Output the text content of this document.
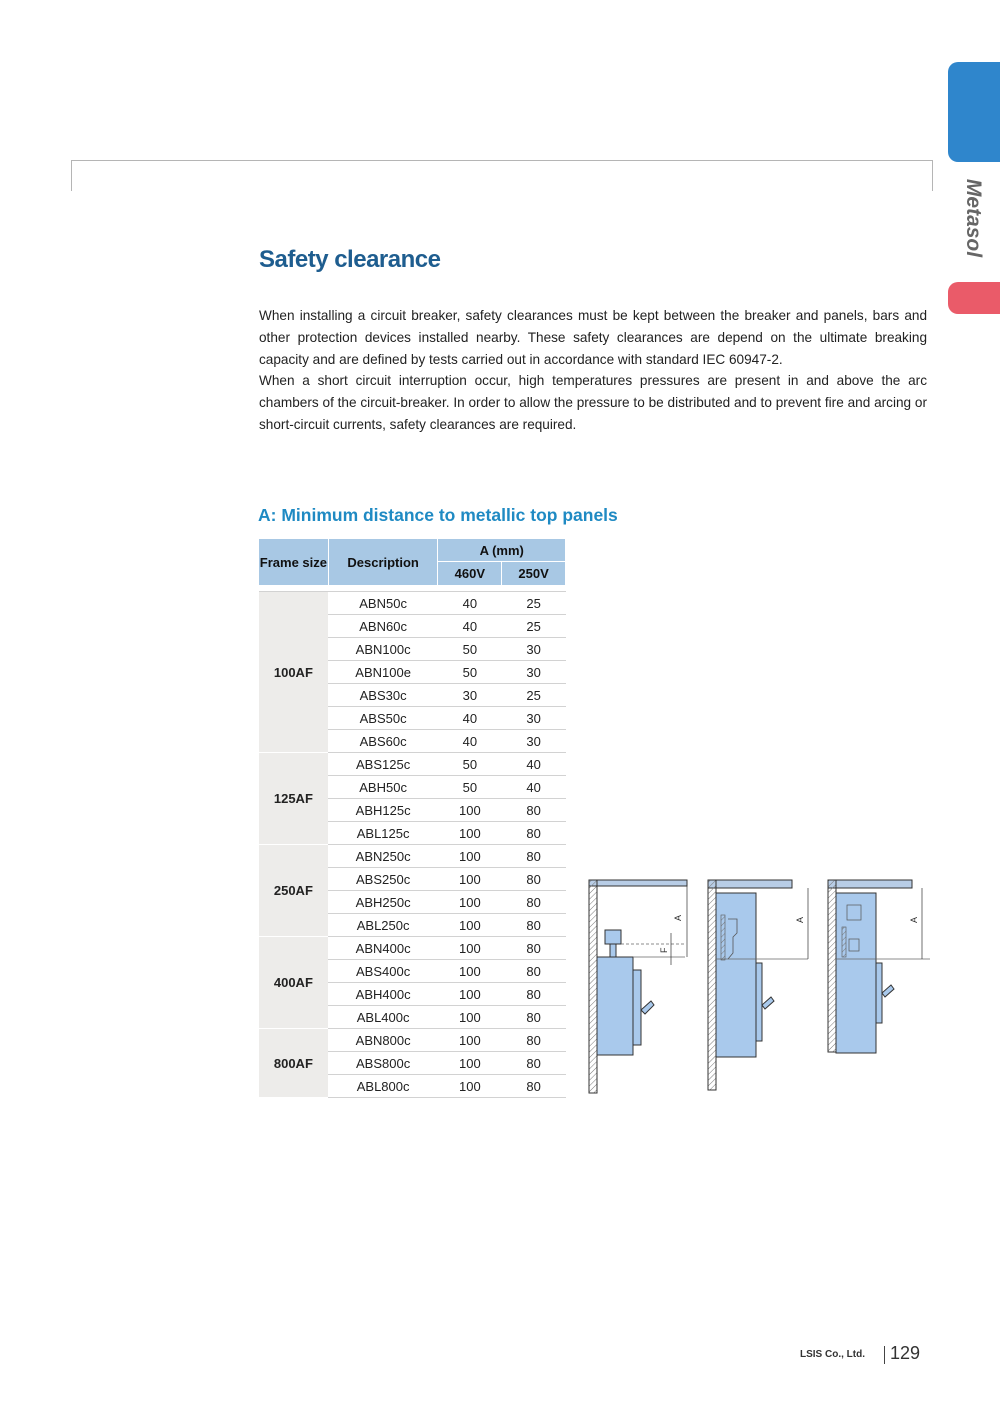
Metasol
Safety clearance

When installing a circuit breaker, safety clearances must be kept between the breaker and panels, bars and other protection devices installed nearby. These safety clearances are depend on the ultimate breaking capacity and are defined by tests carried out in accordance with standard IEC 60947-2.

When a short circuit interruption occur, high temperatures pressures are present in and above the arc chambers of the circuit-breaker. In order to allow the pressure to be distributed and to prevent fire and arcing or short-circuit currents, safety clearances are required.

A: Minimum distance to metallic top panels
Frame size	Description	A (mm)	
		460V	250V

100AF	ABN50c	40	25
	ABN60c	40	25
	ABN100c	50	30
	ABN100e	50	30
	ABS30c	30	25
	ABS50c	40	30
	ABS60c	40	30
125AF	ABS125c	50	40
	ABH50c	50	40
	ABH125c	100	80
	ABL125c	100	80
250AF	ABN250c	100	80
	ABS250c	100	80
	ABH250c	100	80
	ABL250c	100	80
400AF	ABN400c	100	80
	ABS400c	100	80
	ABH400c	100	80
	ABL400c	100	80
800AF	ABN800c	100	80
	ABS800c	100	80
	ABL800c	100	80
A
F
A	A
LSIS Co., Ltd. 129
